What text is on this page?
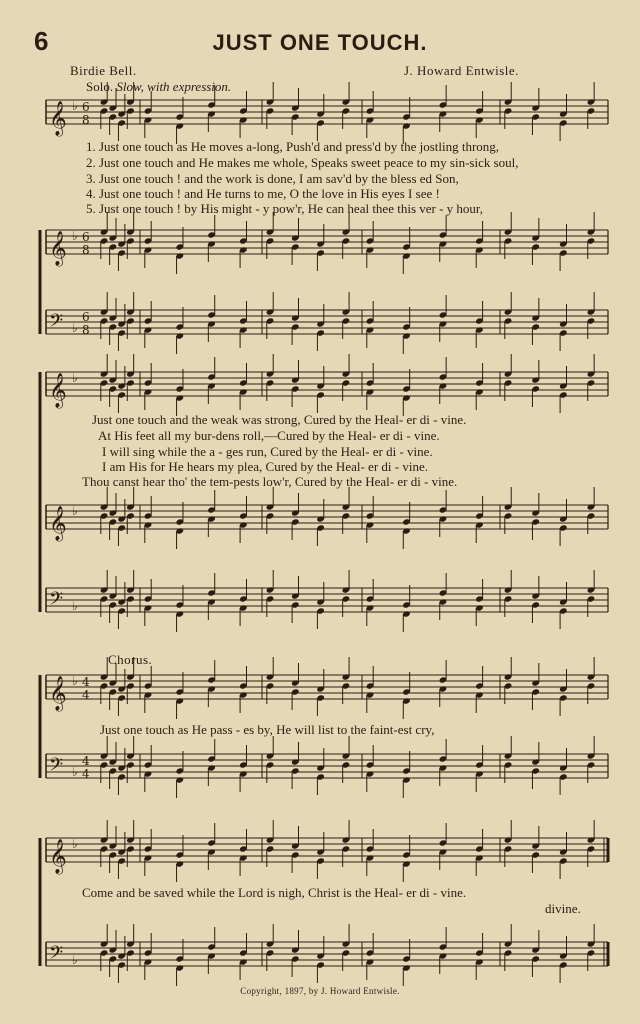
6	JUST ONE TOUCH.
Birdie Bell.	J. Howard Entwisle.
Solo. Slow, with expression.
1. Just one touch as He moves a-long, Push'd and press'd by the jostling throng,
2. Just one touch and He makes me whole, Speaks sweet peace to my sin-sick soul,
3. Just one touch ! and the work is done, I am sav'd by the bless ed Son,
4. Just one touch ! and He turns to me, O the love in His eyes I see !
5. Just one touch ! by His might - y pow'r, He can heal thee this ver - y hour,
Just one touch and the weak was strong, Cured by the Heal- er di - vine.
At His feet all my bur-dens roll,—Cured by the Heal- er di - vine.
I will sing while the a - ges run, Cured by the Heal- er di - vine.
I am His for He hears my plea, Cured by the Heal- er di - vine.
Thou canst hear tho' the tem-pests low'r, Cured by the Heal- er di - vine.
Chorus.
Just one touch as He pass - es by, He will list to the faint-est cry,
Come and be saved while the Lord is nigh, Christ is the Heal- er di - vine.
divine.
Copyright, 1897, by J. Howard Entwisle.
𝄞 ♭ 6
8
𝄞 ♭ 6
8
𝄢 ♭
6
8
𝄞 ♭
𝄞 ♭
𝄢 ♭
𝄞 ♭ 4
4
𝄢 ♭
4
4
𝄞 ♭
𝄢 ♭
